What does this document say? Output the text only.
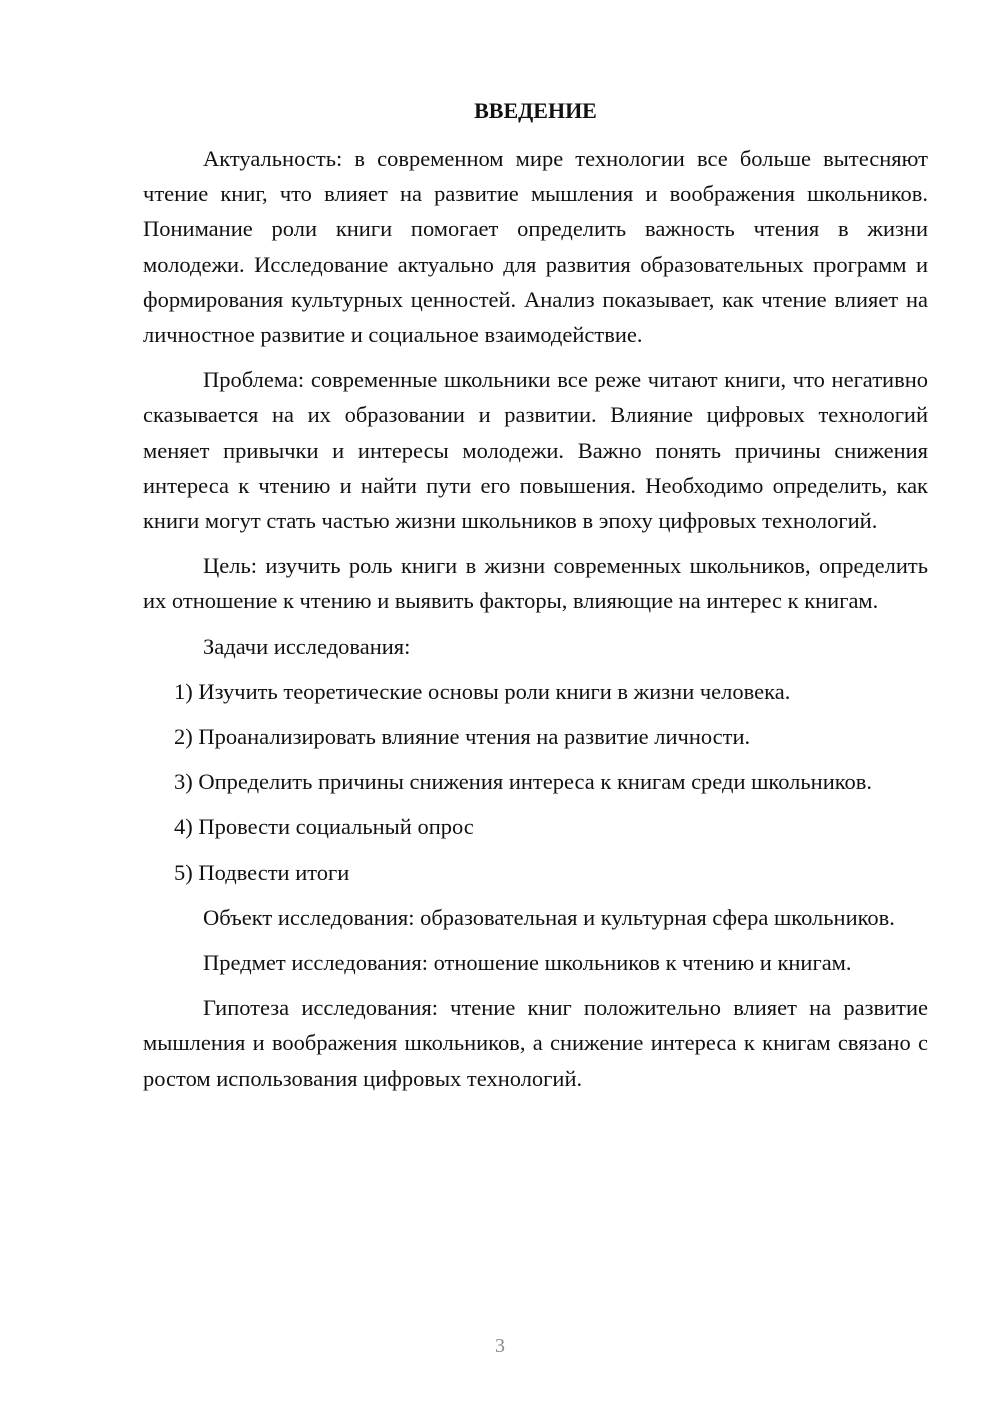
ВВЕДЕНИЕ

Актуальность: в современном мире технологии все больше вытесняют чтение книг, что влияет на развитие мышления и воображения школьников. Понимание роли книги помогает определить важность чтения в жизни молодежи. Исследование актуально для развития образовательных программ и формирования культурных ценностей. Анализ показывает, как чтение влияет на личностное развитие и социальное взаимодействие.

Проблема: современные школьники все реже читают книги, что негативно сказывается на их образовании и развитии. Влияние цифровых технологий меняет привычки и интересы молодежи. Важно понять причины снижения интереса к чтению и найти пути его повышения. Необходимо определить, как книги могут стать частью жизни школьников в эпоху цифровых технологий.

Цель: изучить роль книги в жизни современных школьников, определить их отношение к чтению и выявить факторы, влияющие на интерес к книгам.

Задачи исследования:

1) Изучить теоретические основы роли книги в жизни человека.

2) Проанализировать влияние чтения на развитие личности.

3) Определить причины снижения интереса к книгам среди школьников.

4) Провести социальный опрос

5) Подвести итоги

Объект исследования: образовательная и культурная сфера школьников.

Предмет исследования: отношение школьников к чтению и книгам.

Гипотеза исследования: чтение книг положительно влияет на развитие мышления и воображения школьников, а снижение интереса к книгам связано с ростом использования цифровых технологий.

3
